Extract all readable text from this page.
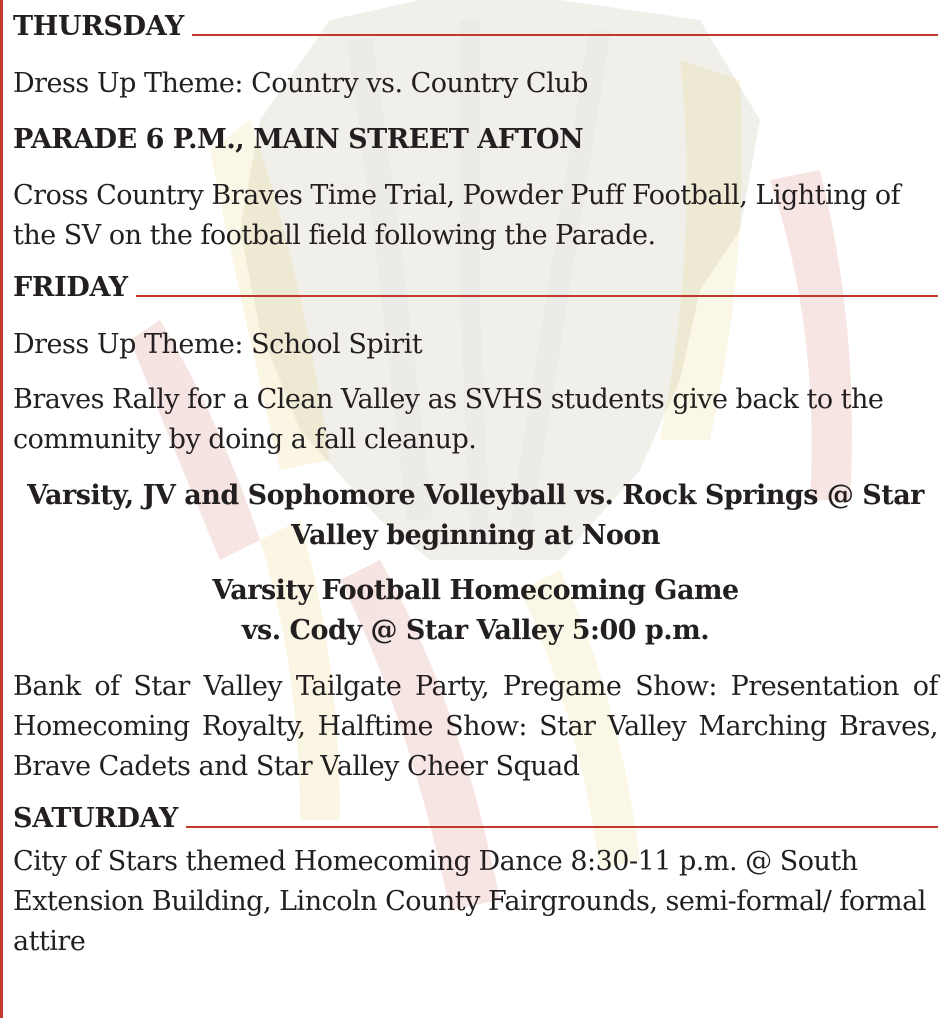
THURSDAY

Dress Up Theme: Country vs. Country Club

PARADE 6 P.M., MAIN STREET AFTON

Cross Country Braves Time Trial, Powder Puff Football, Lighting of the SV on the football field following the Parade.

FRIDAY

Dress Up Theme: School Spirit

Braves Rally for a Clean Valley as SVHS students give back to the community by doing a fall cleanup.

Varsity, JV and Sophomore Volleyball vs. Rock Springs @ Star Valley beginning at Noon

Varsity Football Homecoming Game

vs. Cody @ Star Valley 5:00 p.m.

Bank of Star Valley Tailgate Party, Pregame Show: Presentation of Homecoming Royalty, Halftime Show: Star Valley Marching Braves, Brave Cadets and Star Valley Cheer Squad

SATURDAY

City of Stars themed Homecoming Dance 8:30-11 p.m. @ South Extension Building, Lincoln County Fairgrounds, semi-formal/ formal attire
